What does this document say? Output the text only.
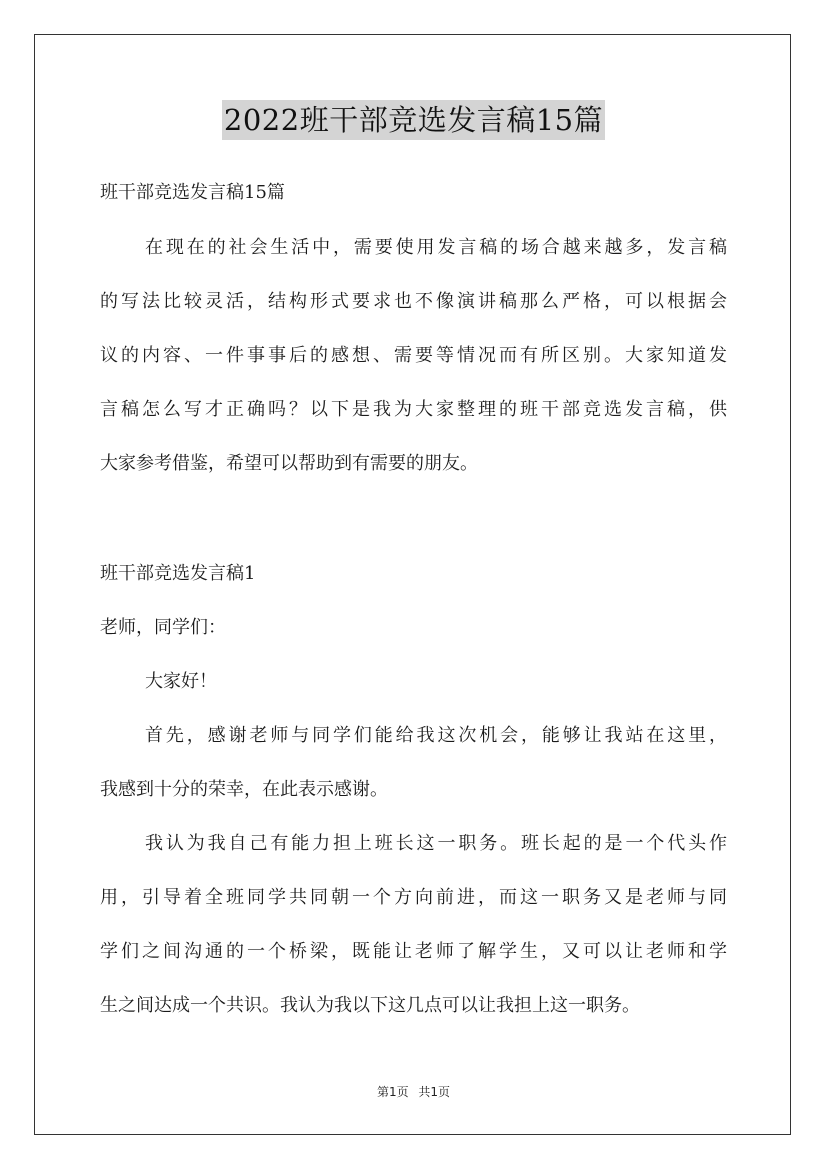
2022班干部竞选发言稿15篇
班干部竞选发言稿15篇
在现在的社会生活中，需要使用发言稿的场合越来越多，发言稿
的写法比较灵活，结构形式要求也不像演讲稿那么严格，可以根据会
议的内容、一件事事后的感想、需要等情况而有所区别。大家知道发
言稿怎么写才正确吗？以下是我为大家整理的班干部竞选发言稿，供
大家参考借鉴，希望可以帮助到有需要的朋友。
班干部竞选发言稿1
老师，同学们：
大家好！
首先，感谢老师与同学们能给我这次机会，能够让我站在这里，
我感到十分的荣幸，在此表示感谢。
我认为我自己有能力担上班长这一职务。班长起的是一个代头作
用，引导着全班同学共同朝一个方向前进，而这一职务又是老师与同
学们之间沟通的一个桥梁，既能让老师了解学生，又可以让老师和学
生之间达成一个共识。我认为我以下这几点可以让我担上这一职务。
第1页 共1页
